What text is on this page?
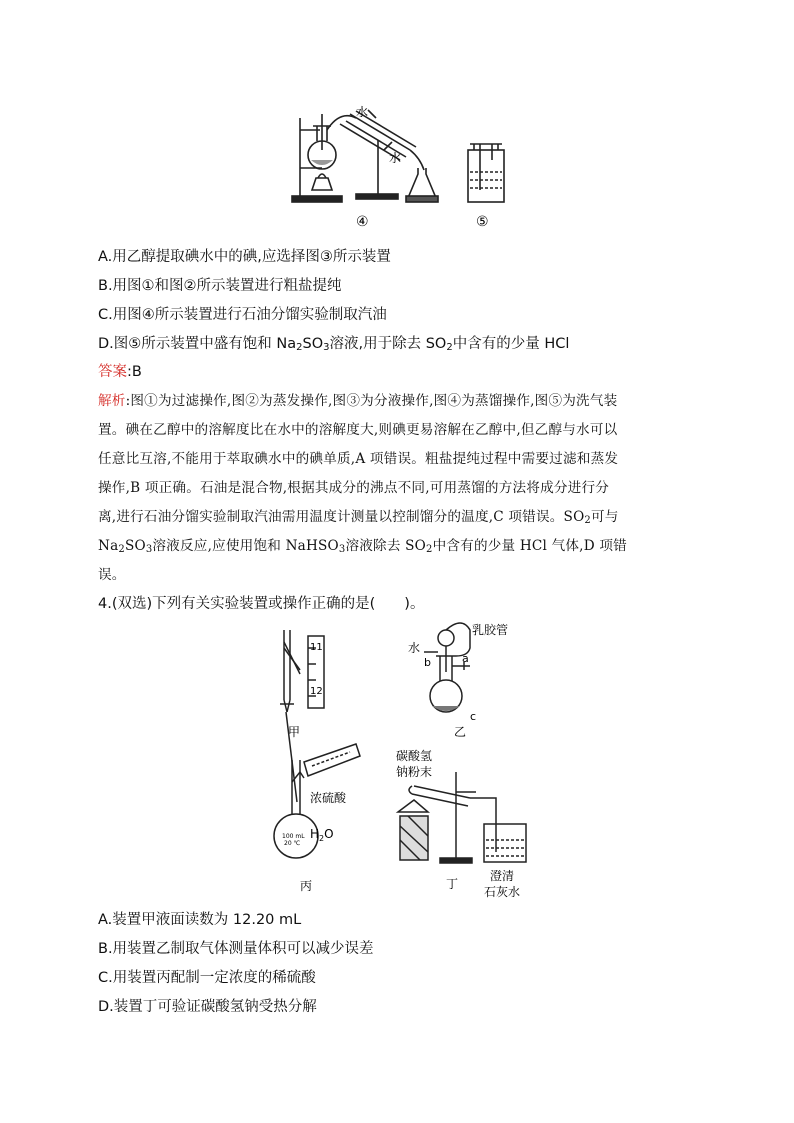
水
水
④	⑤
A.用乙醇提取碘水中的碘,应选择图③所示装置
B.用图①和图②所示装置进行粗盐提纯
C.用图④所示装置进行石油分馏实验制取汽油
D.图⑤所示装置中盛有饱和 $Na_2SO_3$溶液,用于除去 $SO_2$中含有的少量 HCl
答案:B
解析:图①为过滤操作,图②为蒸发操作,图③为分液操作,图④为蒸馏操作,图⑤为洗气装
置。碘在乙醇中的溶解度比在水中的溶解度大,则碘更易溶解在乙醇中,但乙醇与水可以
任意比互溶,不能用于萃取碘水中的碘单质,A 项错误。粗盐提纯过程中需要过滤和蒸发
操作,B 项正确。石油是混合物,根据其成分的沸点不同,可用蒸馏的方法将成分进行分
离,进行石油分馏实验制取汽油需用温度计测量以控制馏分的温度,C 项错误。$SO_2$可与
$Na_2SO_3$溶液反应,应使用饱和 NaHSO$_3$溶液除去 $SO_2$中含有的少量 HCl 气体,D 项错
误。
4.(双选)下列有关实验装置或操作正确的是(　　)。
11
12
甲
乳胶管
水
b	a
c
乙
浓硫酸
$H_2O$
100 mL
20 ℃
丙
碳酸氢
钠粉末
澄清
石灰水
丁
A.装置甲液面读数为 12.20 mL
B.用装置乙制取气体测量体积可以减少误差
C.用装置丙配制一定浓度的稀硫酸
D.装置丁可验证碳酸氢钠受热分解
